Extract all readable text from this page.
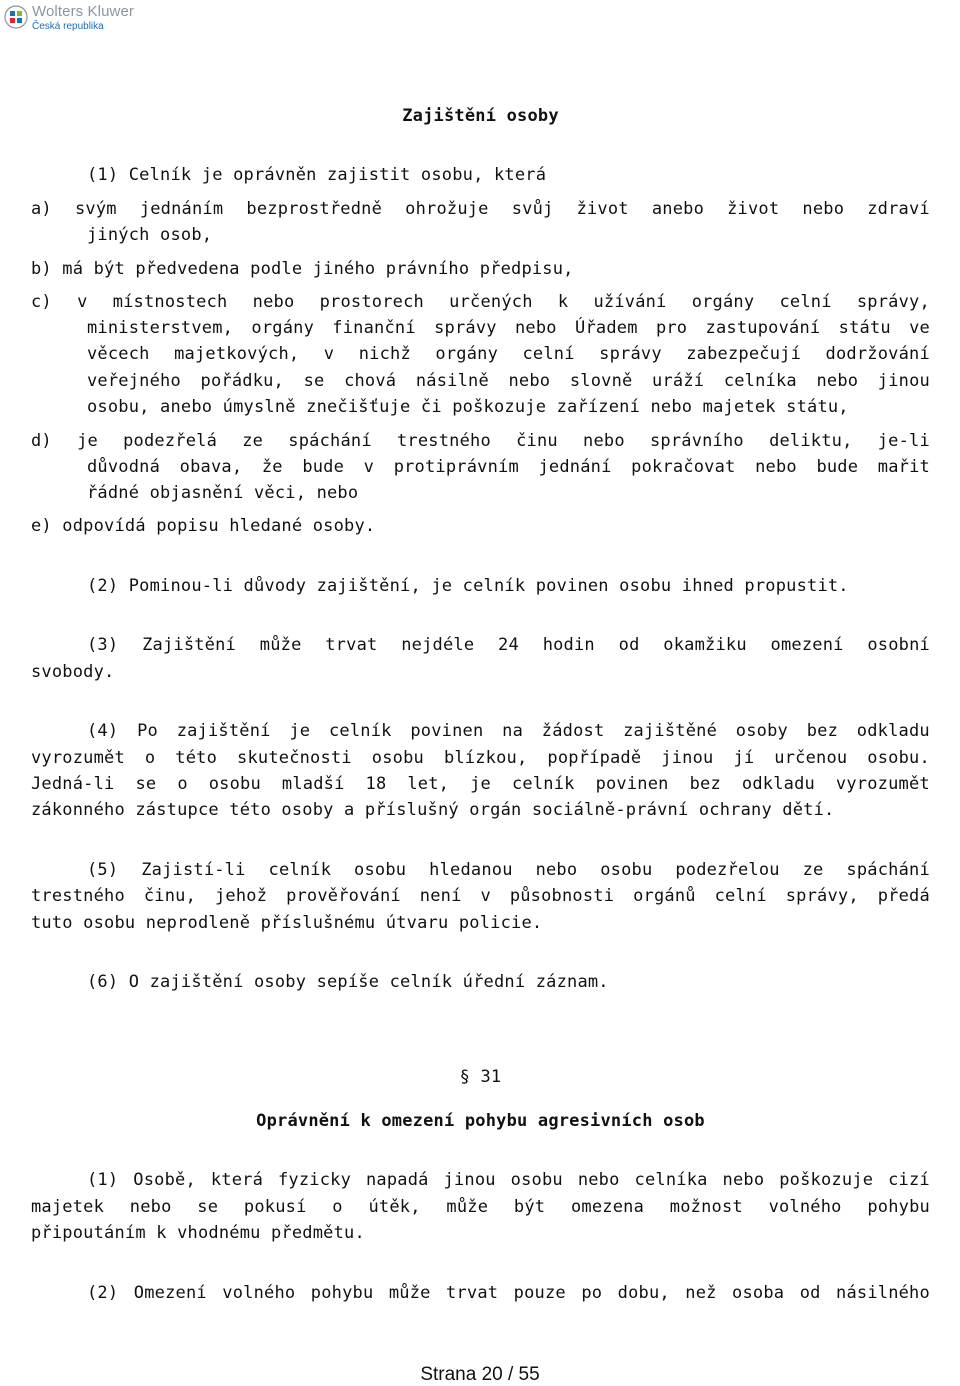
Wolters Kluwer
Česká republika
Zajištění osoby
(1) Celník je oprávněn zajistit osobu, která
a) svým jednáním bezprostředně ohrožuje svůj život anebo život nebo zdraví
jiných osob,
b) má být předvedena podle jiného právního předpisu,
c) v místnostech nebo prostorech určených k užívání orgány celní správy,
ministerstvem, orgány finanční správy nebo Úřadem pro zastupování státu ve
věcech majetkových, v nichž orgány celní správy zabezpečují dodržování
veřejného pořádku, se chová násilně nebo slovně uráží celníka nebo jinou
osobu, anebo úmyslně znečišťuje či poškozuje zařízení nebo majetek státu,
d) je podezřelá ze spáchání trestného činu nebo správního deliktu, je-li
důvodná obava, že bude v protiprávním jednání pokračovat nebo bude mařit
řádné objasnění věci, nebo
e) odpovídá popisu hledané osoby.
(2) Pominou-li důvody zajištění, je celník povinen osobu ihned propustit.
(3) Zajištění může trvat nejdéle 24 hodin od okamžiku omezení osobní
svobody.
(4) Po zajištění je celník povinen na žádost zajištěné osoby bez odkladu
vyrozumět o této skutečnosti osobu blízkou, popřípadě jinou jí určenou osobu.
Jedná-li se o osobu mladší 18 let, je celník povinen bez odkladu vyrozumět
zákonného zástupce této osoby a příslušný orgán sociálně-právní ochrany dětí.
(5) Zajistí-li celník osobu hledanou nebo osobu podezřelou ze spáchání
trestného činu, jehož prověřování není v působnosti orgánů celní správy, předá
tuto osobu neprodleně příslušnému útvaru policie.
(6) O zajištění osoby sepíše celník úřední záznam.
§ 31
Oprávnění k omezení pohybu agresivních osob
(1) Osobě, která fyzicky napadá jinou osobu nebo celníka nebo poškozuje cizí
majetek nebo se pokusí o útěk, může být omezena možnost volného pohybu
připoutáním k vhodnému předmětu.
(2) Omezení volného pohybu může trvat pouze po dobu, než osoba od násilného
Strana 20 / 55
